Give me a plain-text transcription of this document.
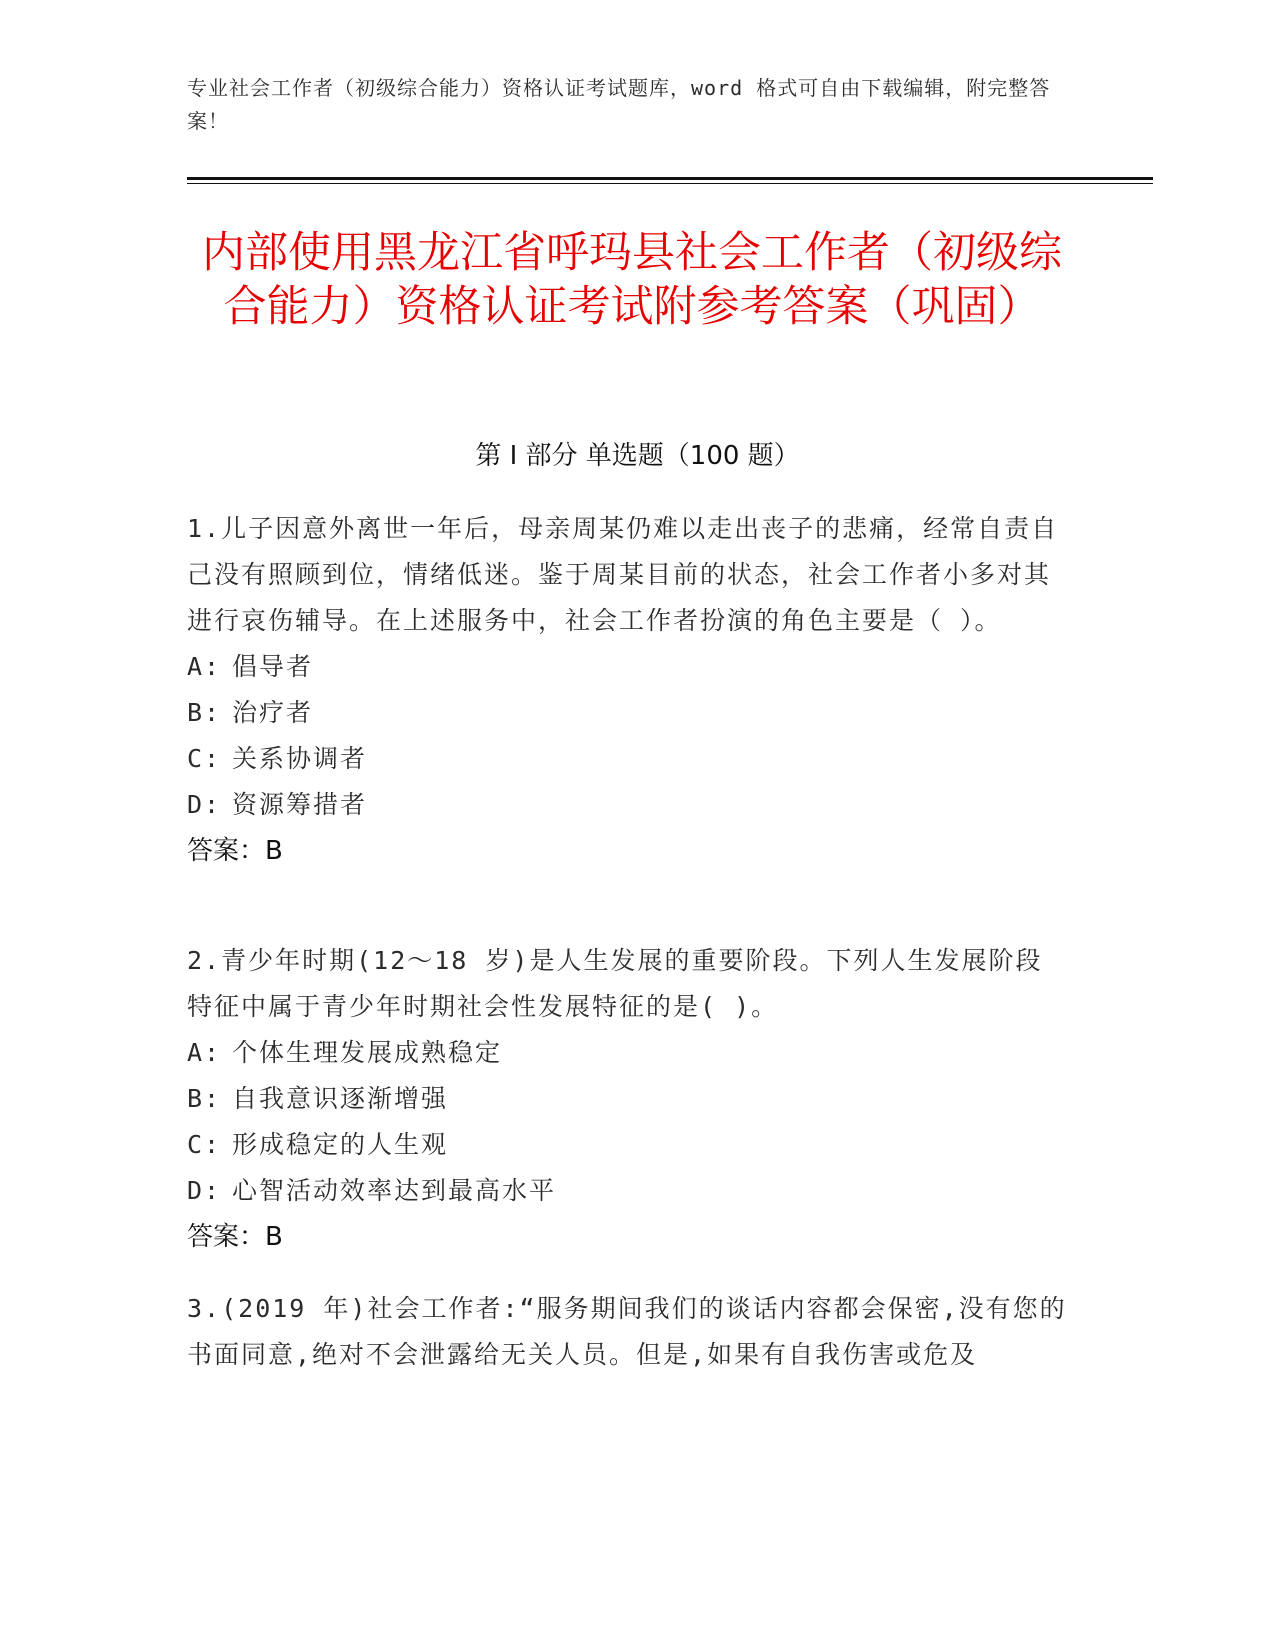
专业社会工作者（初级综合能力）资格认证考试题库，word 格式可自由下载编辑，附完整答案！
内部使用黑龙江省呼玛县社会工作者（初级综合能力）资格认证考试附参考答案（巩固）
第 I 部分 单选题（100 题）
1.儿子因意外离世一年后，母亲周某仍难以走出丧子的悲痛，经常自责自己没有照顾到位，情绪低迷。鉴于周某目前的状态，社会工作者小多对其进行哀伤辅导。在上述服务中，社会工作者扮演的角色主要是（ ）。
A: 倡导者
B: 治疗者
C: 关系协调者
D: 资源筹措者
答案：B
2.青少年时期(12～18 岁)是人生发展的重要阶段。下列人生发展阶段特征中属于青少年时期社会性发展特征的是( )。
A: 个体生理发展成熟稳定
B: 自我意识逐渐增强
C: 形成稳定的人生观
D: 心智活动效率达到最高水平
答案：B
3.(2019 年)社会工作者:“服务期间我们的谈话内容都会保密,没有您的书面同意,绝对不会泄露给无关人员。但是,如果有自我伤害或危及
